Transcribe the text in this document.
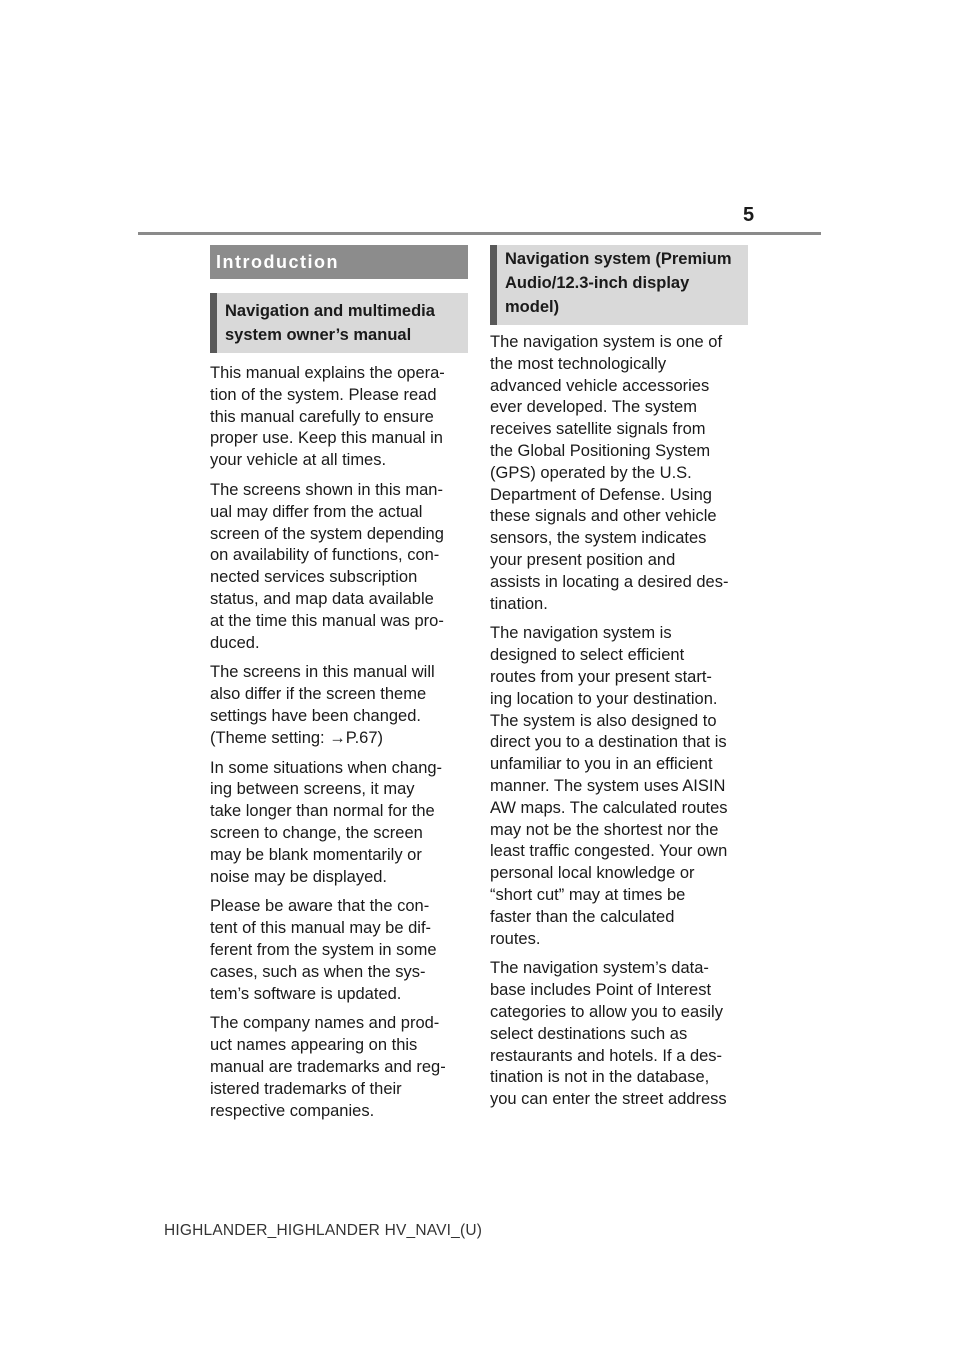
5
Introduction
Navigation and multimedia
system owner’s manual

This manual explains the opera-
tion of the system. Please read
this manual carefully to ensure
proper use. Keep this manual in
your vehicle at all times.

The screens shown in this man-
ual may differ from the actual
screen of the system depending
on availability of functions, con-
nected services subscription
status, and map data available
at the time this manual was pro-
duced.

The screens in this manual will
also differ if the screen theme
settings have been changed.
(Theme setting: →P.67)

In some situations when chang-
ing between screens, it may
take longer than normal for the
screen to change, the screen
may be blank momentarily or
noise may be displayed.

Please be aware that the con-
tent of this manual may be dif-
ferent from the system in some
cases, such as when the sys-
tem’s software is updated.

The company names and prod-
uct names appearing on this
manual are trademarks and reg-
istered trademarks of their
respective companies.

Navigation system (Premium
Audio/12.3-inch display
model)

The navigation system is one of
the most technologically
advanced vehicle accessories
ever developed. The system
receives satellite signals from
the Global Positioning System
(GPS) operated by the U.S.
Department of Defense. Using
these signals and other vehicle
sensors, the system indicates
your present position and
assists in locating a desired des-
tination.

The navigation system is
designed to select efficient
routes from your present start-
ing location to your destination.
The system is also designed to
direct you to a destination that is
unfamiliar to you in an efficient
manner. The system uses AISIN
AW maps. The calculated routes
may not be the shortest nor the
least traffic congested. Your own
personal local knowledge or
“short cut” may at times be
faster than the calculated
routes.

The navigation system’s data-
base includes Point of Interest
categories to allow you to easily
select destinations such as
restaurants and hotels. If a des-
tination is not in the database,
you can enter the street address

HIGHLANDER_HIGHLANDER HV_NAVI_(U)
